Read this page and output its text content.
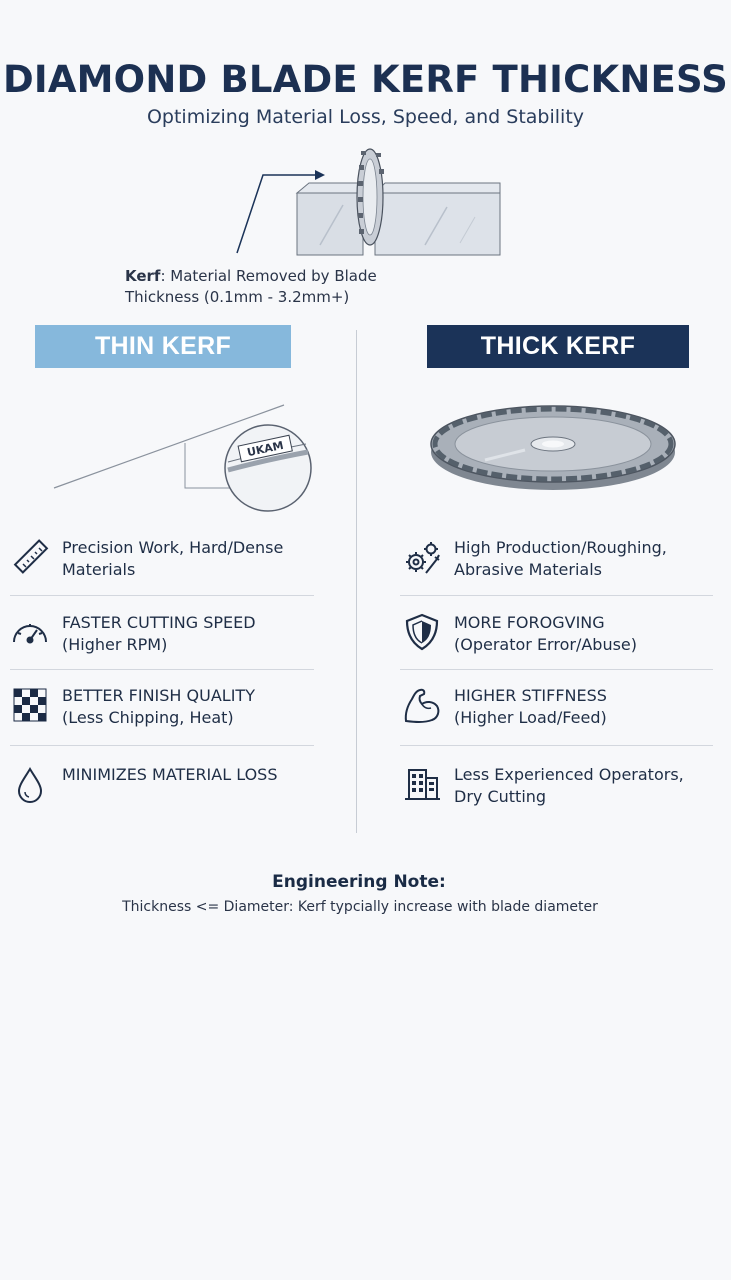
DIAMOND BLADE KERF THICKNESS
Optimizing Material Loss, Speed, and Stability
Kerf: Material Removed by Blade
Thickness (0.1mm - 3.2mm+)
THIN KERF	THICK KERF
UKAM
Precision Work, Hard/Dense
Materials
FASTER CUTTING SPEED
(Higher RPM)
BETTER FINISH QUALITY
(Less Chipping, Heat)
MINIMIZES MATERIAL LOSS
High Production/Roughing,
Abrasive Materials
MORE FOROGVING
(Operator Error/Abuse)
HIGHER STIFFNESS
(Higher Load/Feed)
Less Experienced Operators,
Dry Cutting
Engineering Note:
Thickness <= Diameter: Kerf typcially increase with blade diameter
